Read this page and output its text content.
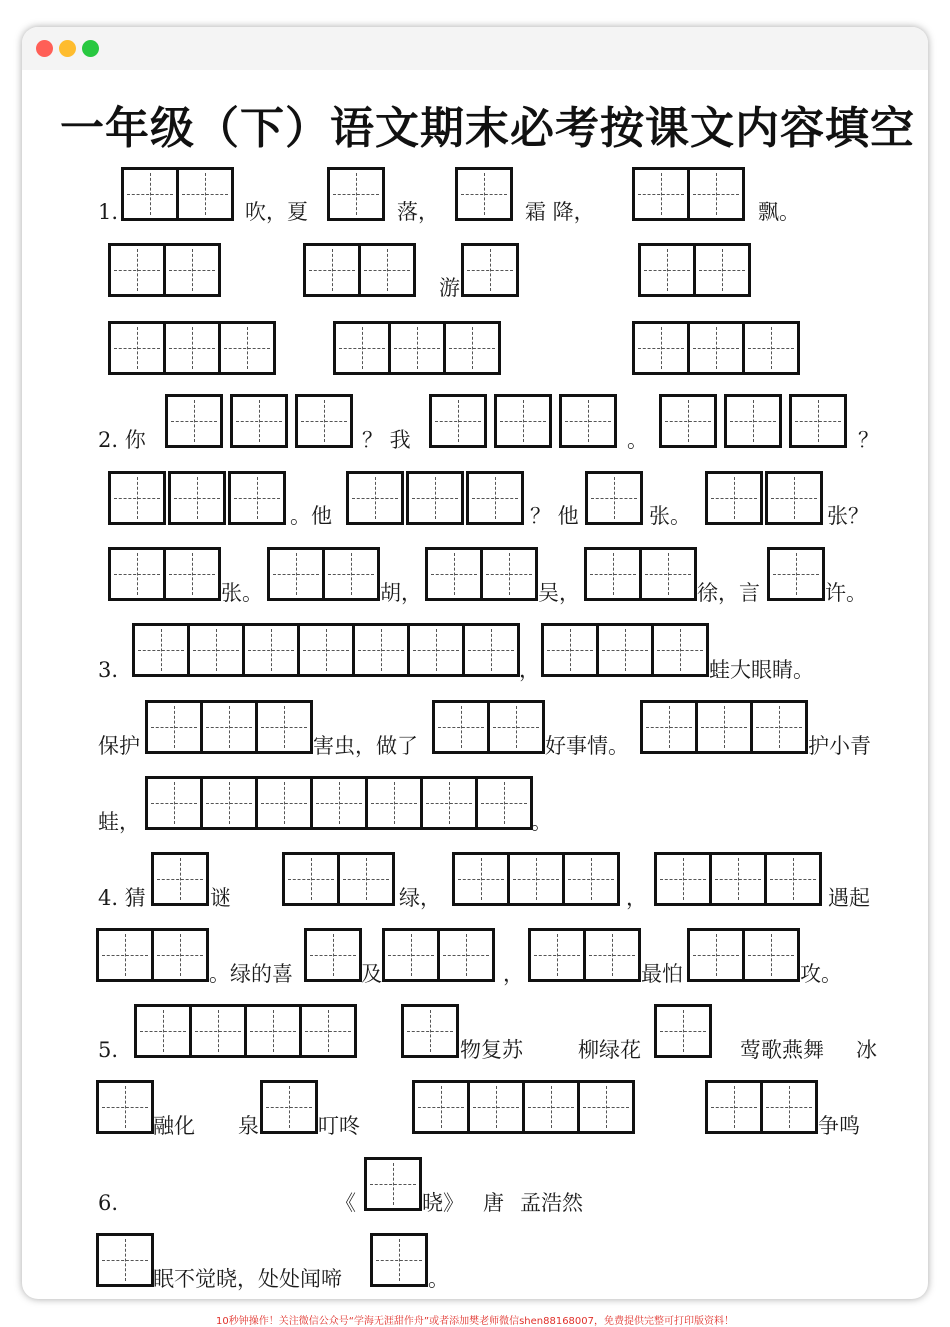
一年级（下）语文期末必考按课文内容填空
1.	吹，夏	落，	霜 降，	飘。
游
2. 你	？ 我	。	？
。他	？ 他	张。	张？
张。	胡，	吴，	徐，言	许。
3.	，	蛙大眼睛。
保护	害虫，做了	好事情。	护小青
蛙，	。
4. 猜	谜	绿，	，	遇起
。绿的喜	及	，	最怕	攻。
5.	物复苏	柳绿花	莺歌燕舞 冰
融化 泉	叮咚	争鸣
6.	《	晓》 唐 孟浩然
眠不觉晓，处处闻啼	。
10秒钟操作！关注微信公众号“学海无涯甜作舟”或者添加樊老师微信shen88168007，免费提供完整可打印版资料！
